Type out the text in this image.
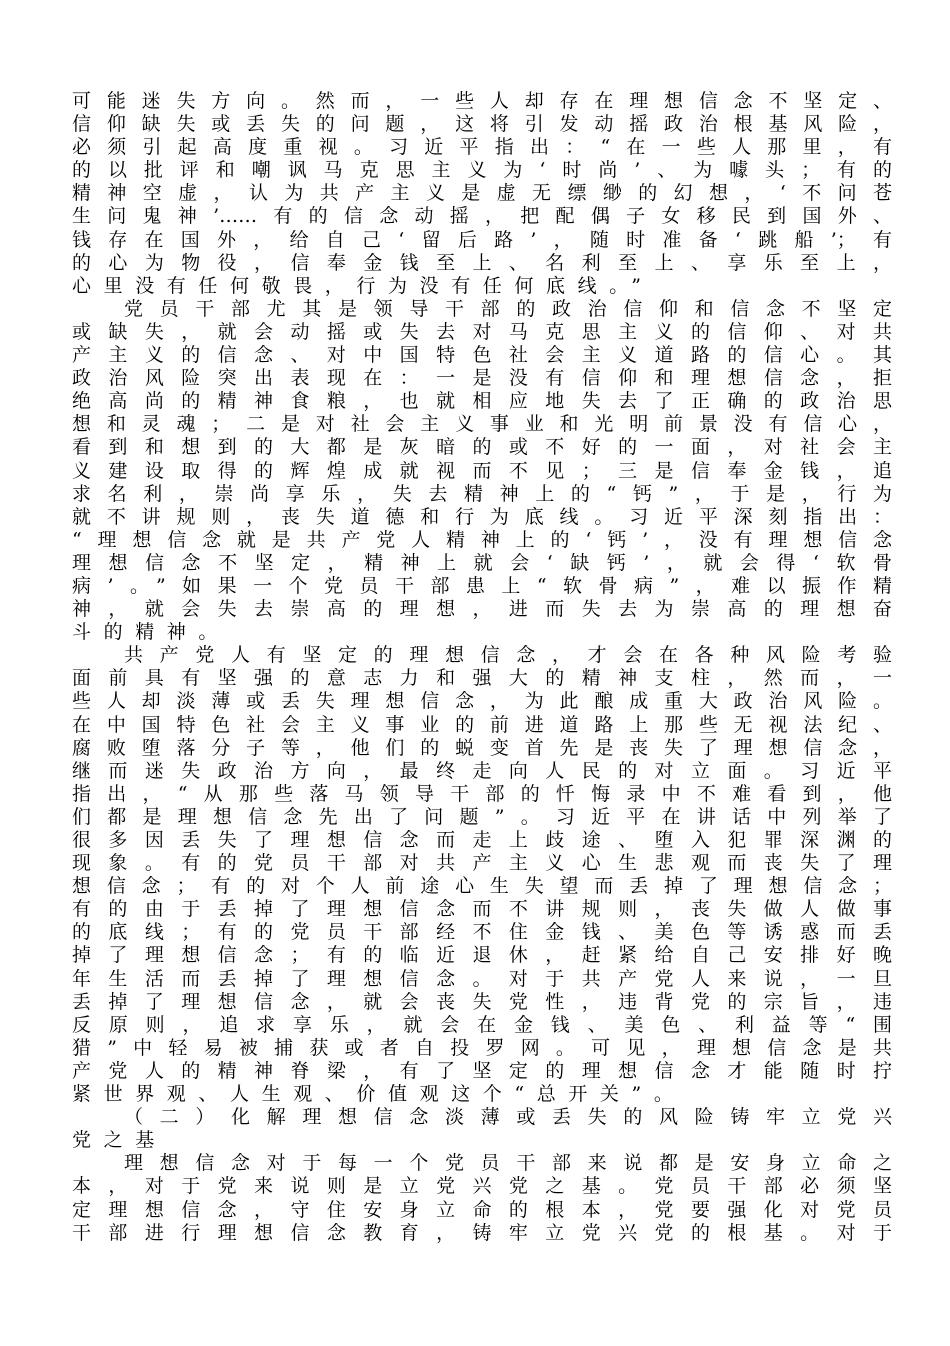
可能迷失方向。然而，一些人却存在理想信念不坚定、
信仰缺失或丢失的问题，这将引发动摇政治根基风险，
必须引起高度重视。习近平指出：“在一些人那里，有
的以批评和嘲讽马克思主义为‘时尚’、为噱头；有的
精神空虚，认为共产主义是虚无缥缈的幻想，‘不问苍
生问鬼神’……有的信念动摇，把配偶子女移民到国外、
钱存在国外，给自己‘留后路’，随时准备‘跳船’；有
的心为物役，信奉金钱至上、名利至上、享乐至上，
心里没有任何敬畏，行为没有任何底线。”
党员干部尤其是领导干部的政治信仰和信念不坚定
或缺失，就会动摇或失去对马克思主义的信仰、对共
产主义的信念、对中国特色社会主义道路的信心。其
政治风险突出表现在：一是没有信仰和理想信念，拒
绝高尚的精神食粮，也就相应地失去了正确的政治思
想和灵魂；二是对社会主义事业和光明前景没有信心，
看到和想到的大都是灰暗的或不好的一面，对社会主
义建设取得的辉煌成就视而不见；三是信奉金钱，追
求名利，崇尚享乐，失去精神上的“钙”，于是，行为
就不讲规则，丧失道德和行为底线。习近平深刻指出：
“理想信念就是共产党人精神上的‘钙’，没有理想信念
理想信念不坚定，精神上就会‘缺钙’，就会得‘软骨
病’。”如果一个党员干部患上“软骨病”，难以振作精
神，就会失去崇高的理想，进而失去为崇高的理想奋
斗的精神。
共产党人有坚定的理想信念，才会在各种风险考验
面前具有坚强的意志力和强大的精神支柱，然而，一
些人却淡薄或丢失理想信念，为此酿成重大政治风险。
在中国特色社会主义事业的前进道路上那些无视法纪、
腐败堕落分子等，他们的蜕变首先是丧失了理想信念，
继而迷失政治方向，最终走向人民的对立面。习近平
指出，“从那些落马领导干部的忏悔录中不难看到，他
们都是理想信念先出了问题”。习近平在讲话中列举了
很多因丢失了理想信念而走上歧途、堕入犯罪深渊的
现象。有的党员干部对共产主义心生悲观而丧失了理
想信念；有的对个人前途心生失望而丢掉了理想信念；
有的由于丢掉了理想信念而不讲规则，丧失做人做事
的底线；有的党员干部经不住金钱、美色等诱惑而丢
掉了理想信念；有的临近退休，赶紧给自己安排好晚
年生活而丢掉了理想信念。对于共产党人来说，一旦
丢掉了理想信念，就会丧失党性，违背党的宗旨，违
反原则，追求享乐，就会在金钱、美色、利益等“围
猎”中轻易被捕获或者自投罗网。可见，理想信念是共
产党人的精神脊梁，有了坚定的理想信念才能随时拧
紧世界观、人生观、价值观这个“总开关”。
（二）化解理想信念淡薄或丢失的风险铸牢立党兴
党之基
理想信念对于每一个党员干部来说都是安身立命之
本，对于党来说则是立党兴党之基。党员干部必须坚
定理想信念，守住安身立命的根本，党要强化对党员
干部进行理想信念教育，铸牢立党兴党的根基。对于
